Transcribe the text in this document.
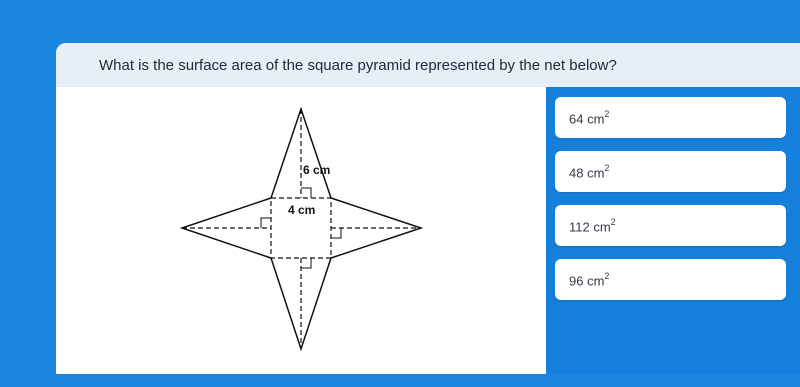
What is the surface area of the square pyramid represented by the net below?
6 cm
4 cm
64 $cm^2$
48 $cm^2$
112 $cm^2$
96 $cm^2$
